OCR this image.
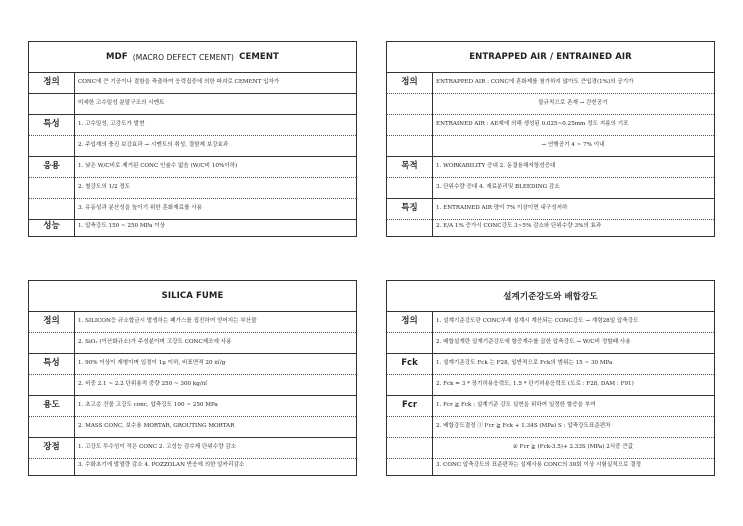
MDF
(MACRO DEFECT CEMENT)
CEMENT
정의	CONC에 큰 기공이나 결함을 축출하여 응력집중에 의한 파괴로 CEMENT 입자가
미세한 고수밀성 분말구조의 시멘트
특성	1. 고수밀성, 고강도가 발현
2. 주입재의 충진 보강효과 → 시멘트의 취성, 결함제 보강효과
응용	1. 낮은 W/C비로 제거된 CONC 인슐수 없음 (W/C비 10%이하)
2. 철강도의 1/2 정도
3. 유동성과 분산성을 높이기 위한 혼화재료를 사용
성능	1. 압축강도 150 ~ 250 MPa 이상
ENTRAPPED AIR / ENTRAINED AIR
정의	ENTRAPPED AIR : CONC에 혼화제를 첨가하지 않아도 큰입경(1%)의 공기가
불규칙으로 존재 → 갇힌공기
ENTRAINED AIR : AE제에 의해 생성된 0.025~0.25mm 정도 지름의 기포
→ 연행공기 4 ~ 7% 이내
목적	1. WORKABILITY 증대 2. 동결융해저항성증대
3. 단위수량 증대 4. 재료분리및 BLEEDING 감소
특징	1. ENTRAINED AIR 양이 7% 이상이면 내구성저하
2. E/A 1% 증가시 CONC강도 3~5% 감소와 단위수량 3%의 효과
SILICA FUME
정의	1. SILICON등 규소합금시 발생하는 폐가스를 집진하여 얻어지는 부산물
2. SiO₂ (이산화규소)가 주성분이며 고강도 CONC제조에 사용
특성	1. 90% 이상이 재형이며 입경이 1μ 이하, 비표면적 20 ㎡/g
2. 비중 2.1 ~ 2.2 단위용적 중량 250 ~ 300 kg/㎥
용도	1. 초고층 건물 고강도 conc, 압축강도 100 ~ 250 MPa
2. MASS CONC, 보수용 MORTAR, GROUTING MORTAR
장점	1. 고강도 투수성이 작은 CONC 2. 고성능 감수제 단위수량 감소
3. 수화초기에 발열량 감소 4. POZZOLAN 반응에 의한 알카리감소
설계기준강도와 배합강도
정의	1. 설계기준강도란 CONC부재 설계시 계산되는 CONC강도 → 재령28일 압축강도
2. 배합설계란 설계기준강도에 할증계수를 곱한 압축강도 → W/C비 정할때 사용
Fck	1. 설계기준강도 Fck 는 F28, 일반적으로 Fck의 범위는 15 ~ 30 MPa
2. Fck = 3 * 장기허용응력도, 1.5 * 단기허용응력도 (도로 : F28, DAM : F91)
Fcr	1. Fcr ≧ Fck : 설계기준 강도 실현을 위하여 일정한 할증을 부여
2. 배합강도결정 ① Fcr ≧ Fck + 1.34S (MPa) S : 압축강도표준편차
② Fcr ≧ (Fck-3.5)+ 2.33S (MPa) 2식중 큰값
3. CONC 압축강도의 표준편차는 실제사용 CONC의 30회 이상 시험실적으로 결정
